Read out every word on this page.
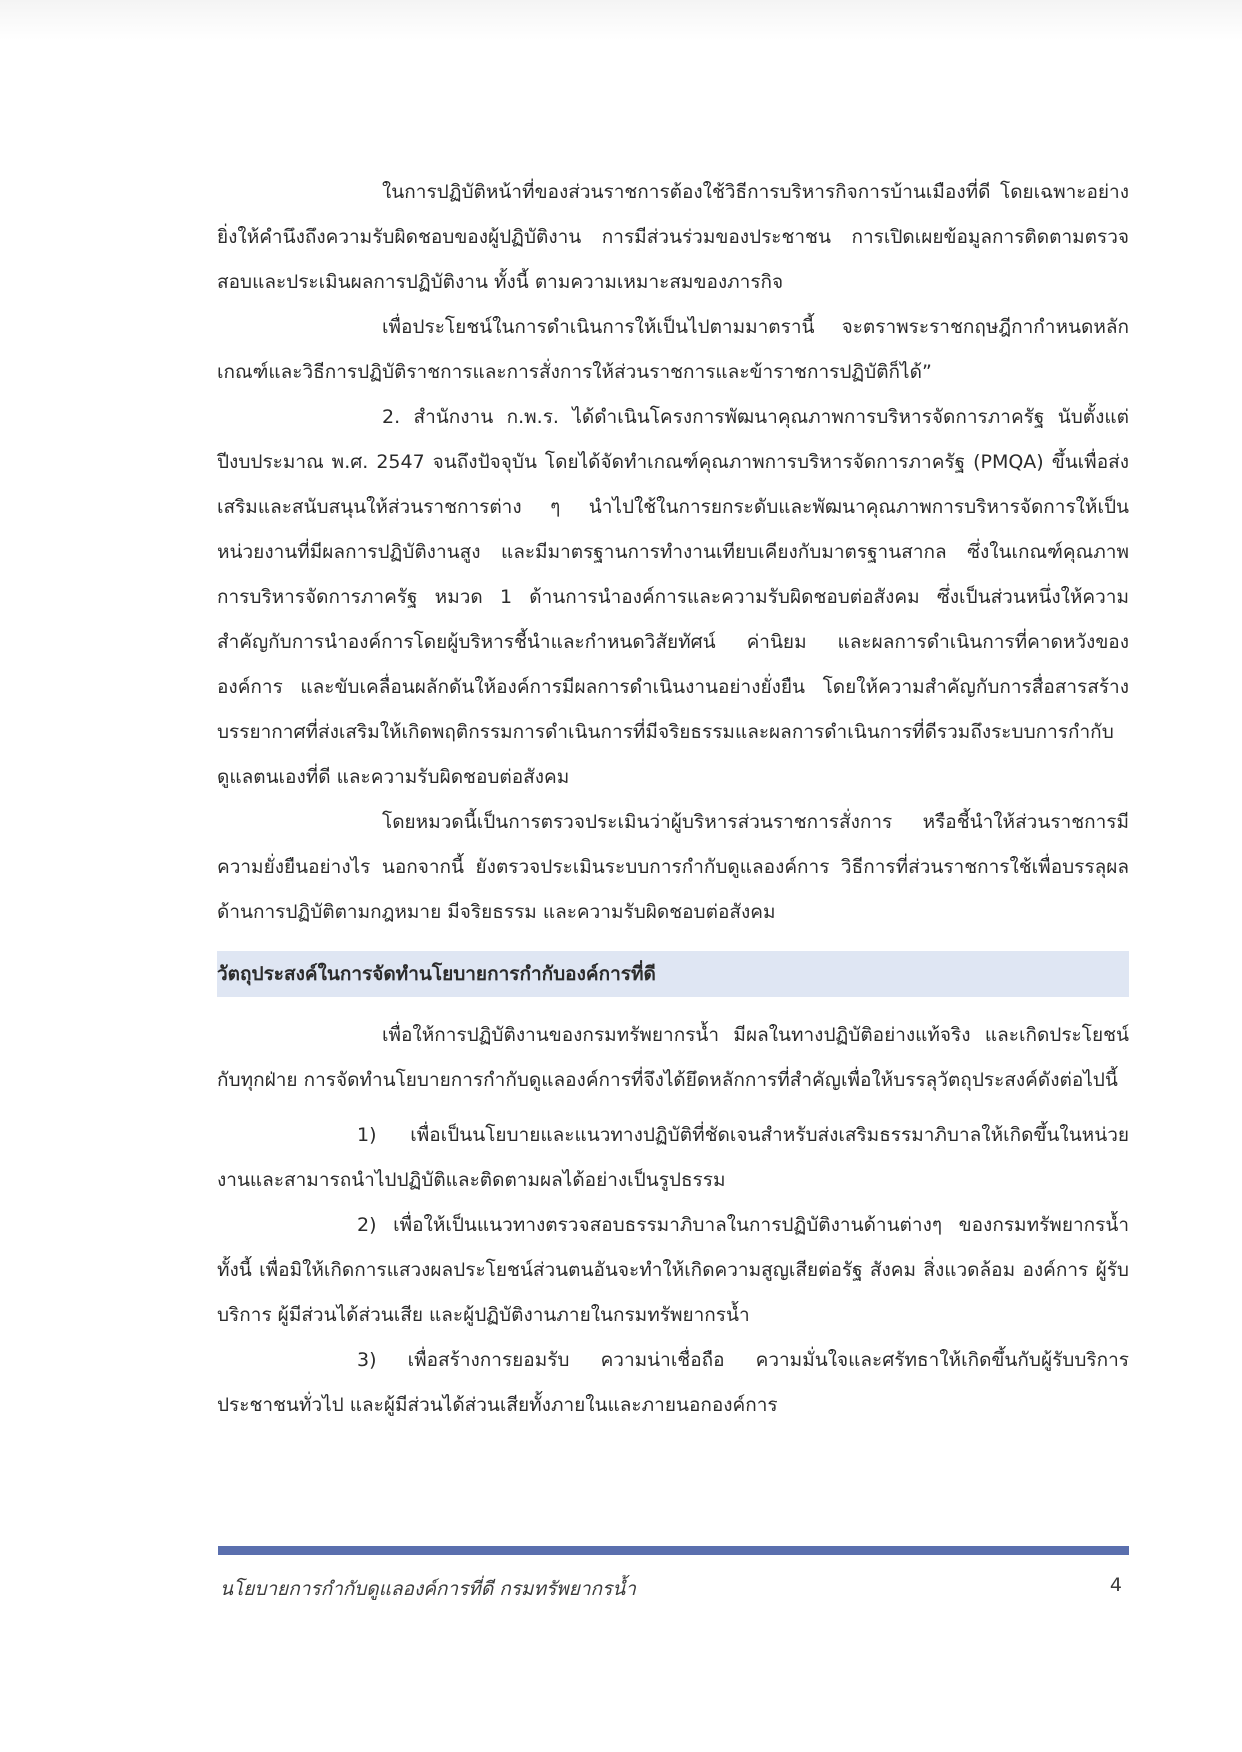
ในการปฏิบัติหน้าที่ของส่วนราชการต้องใช้วิธีการบริหารกิจการบ้านเมืองที่ดี โดยเฉพาะอย่างยิ่งให้คำนึงถึงความรับผิดชอบของผู้ปฏิบัติงาน การมีส่วนร่วมของประชาชน การเปิดเผยข้อมูลการติดตามตรวจสอบและประเมินผลการปฏิบัติงาน ทั้งนี้ ตามความเหมาะสมของภารกิจ

เพื่อประโยชน์ในการดำเนินการให้เป็นไปตามมาตรานี้ จะตราพระราชกฤษฎีกากำหนดหลักเกณฑ์และวิธีการปฏิบัติราชการและการสั่งการให้ส่วนราชการและข้าราชการปฏิบัติก็ได้”

2. สำนักงาน ก.พ.ร. ได้ดำเนินโครงการพัฒนาคุณภาพการบริหารจัดการภาครัฐ นับตั้งแต่ปีงบประมาณ พ.ศ. 2547 จนถึงปัจจุบัน โดยได้จัดทำเกณฑ์คุณภาพการบริหารจัดการภาครัฐ (PMQA) ขึ้นเพื่อส่งเสริมและสนับสนุนให้ส่วนราชการต่าง ๆ นำไปใช้ในการยกระดับและพัฒนาคุณภาพการบริหารจัดการให้เป็นหน่วยงานที่มีผลการปฏิบัติงานสูง และมีมาตรฐานการทำงานเทียบเคียงกับมาตรฐานสากล ซึ่งในเกณฑ์คุณภาพการบริหารจัดการภาครัฐ หมวด 1 ด้านการนำองค์การและความรับผิดชอบต่อสังคม ซึ่งเป็นส่วนหนึ่งให้ความสำคัญกับการนำองค์การโดยผู้บริหารชี้นำและกำหนดวิสัยทัศน์ ค่านิยม และผลการดำเนินการที่คาดหวังขององค์การ และขับเคลื่อนผลักดันให้องค์การมีผลการดำเนินงานอย่างยั่งยืน โดยให้ความสำคัญกับการสื่อสารสร้างบรรยากาศที่ส่งเสริมให้เกิดพฤติกรรมการดำเนินการที่มีจริยธรรมและผลการดำเนินการที่ดีรวมถึงระบบการกำกับดูแลตนเองที่ดี และความรับผิดชอบต่อสังคม

โดยหมวดนี้เป็นการตรวจประเมินว่าผู้บริหารส่วนราชการสั่งการ หรือชี้นำให้ส่วนราชการมีความยั่งยืนอย่างไร นอกจากนี้ ยังตรวจประเมินระบบการกำกับดูแลองค์การ วิธีการที่ส่วนราชการใช้เพื่อบรรลุผลด้านการปฏิบัติตามกฎหมาย มีจริยธรรม และความรับผิดชอบต่อสังคม

วัตถุประสงค์ในการจัดทำนโยบายการกำกับองค์การที่ดี

เพื่อให้การปฏิบัติงานของกรมทรัพยากรน้ำ มีผลในทางปฏิบัติอย่างแท้จริง และเกิดประโยชน์กับทุกฝ่าย การจัดทำนโยบายการกำกับดูแลองค์การที่จึงได้ยึดหลักการที่สำคัญเพื่อให้บรรลุวัตถุประสงค์ดังต่อไปนี้

1) เพื่อเป็นนโยบายและแนวทางปฏิบัติที่ชัดเจนสำหรับส่งเสริมธรรมาภิบาลให้เกิดขึ้นในหน่วยงานและสามารถนำไปปฏิบัติและติดตามผลได้อย่างเป็นรูปธรรม

2) เพื่อให้เป็นแนวทางตรวจสอบธรรมาภิบาลในการปฏิบัติงานด้านต่างๆ ของกรมทรัพยากรน้ำ ทั้งนี้ เพื่อมิให้เกิดการแสวงผลประโยชน์ส่วนตนอันจะทำให้เกิดความสูญเสียต่อรัฐ สังคม สิ่งแวดล้อม องค์การ ผู้รับบริการ ผู้มีส่วนได้ส่วนเสีย และผู้ปฏิบัติงานภายในกรมทรัพยากรน้ำ

3) เพื่อสร้างการยอมรับ ความน่าเชื่อถือ ความมั่นใจและศรัทธาให้เกิดขึ้นกับผู้รับบริการประชาชนทั่วไป และผู้มีส่วนได้ส่วนเสียทั้งภายในและภายนอกองค์การ

นโยบายการกำกับดูแลองค์การที่ดี กรมทรัพยากรน้ำ	4
